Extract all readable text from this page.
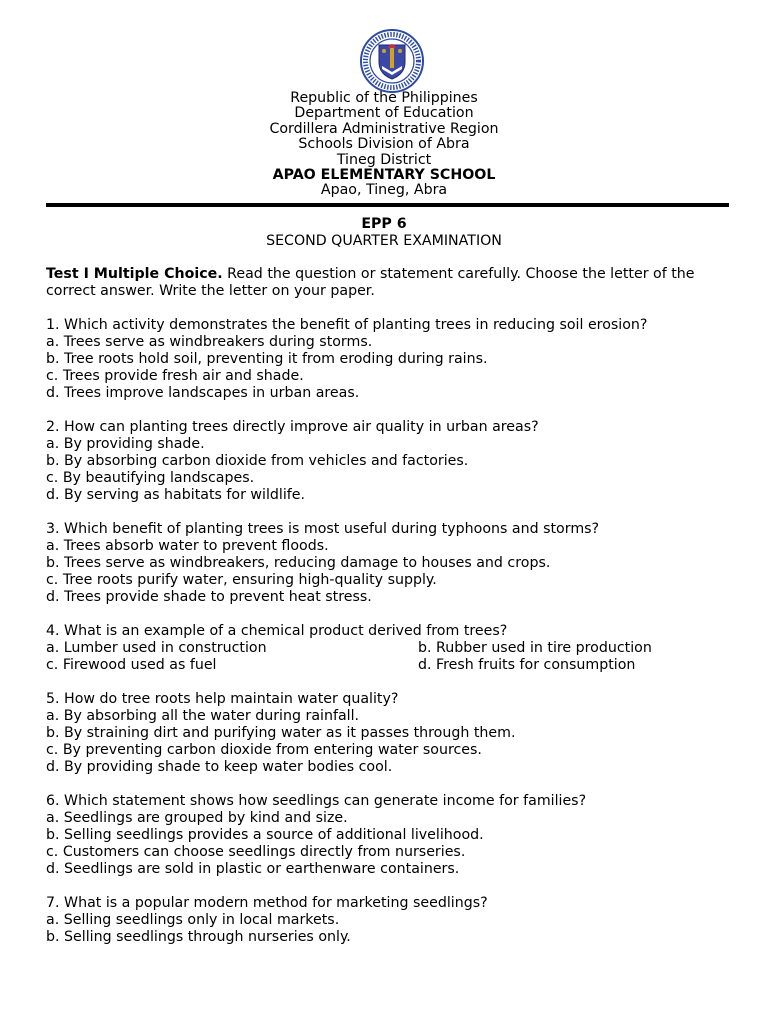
Republic of the Philippines
Department of Education
Cordillera Administrative Region
Schools Division of Abra
Tineg District
APAO ELEMENTARY SCHOOL
Apao, Tineg, Abra
EPP 6
SECOND QUARTER EXAMINATION

Test I Multiple Choice. Read the question or statement carefully. Choose the letter of the correct answer. Write the letter on your paper.

1. Which activity demonstrates the benefit of planting trees in reducing soil erosion?
a. Trees serve as windbreakers during storms.
b. Tree roots hold soil, preventing it from eroding during rains.
c. Trees provide fresh air and shade.
d. Trees improve landscapes in urban areas.
2. How can planting trees directly improve air quality in urban areas?
a. By providing shade.
b. By absorbing carbon dioxide from vehicles and factories.
c. By beautifying landscapes.
d. By serving as habitats for wildlife.
3. Which benefit of planting trees is most useful during typhoons and storms?
a. Trees absorb water to prevent floods.
b. Trees serve as windbreakers, reducing damage to houses and crops.
c. Tree roots purify water, ensuring high-quality supply.
d. Trees provide shade to prevent heat stress.
4. What is an example of a chemical product derived from trees?
a. Lumber used in construction	b. Rubber used in tire production
c. Firewood used as fuel	d. Fresh fruits for consumption
5. How do tree roots help maintain water quality?
a. By absorbing all the water during rainfall.
b. By straining dirt and purifying water as it passes through them.
c. By preventing carbon dioxide from entering water sources.
d. By providing shade to keep water bodies cool.
6. Which statement shows how seedlings can generate income for families?
a. Seedlings are grouped by kind and size.
b. Selling seedlings provides a source of additional livelihood.
c. Customers can choose seedlings directly from nurseries.
d. Seedlings are sold in plastic or earthenware containers.
7. What is a popular modern method for marketing seedlings?
a. Selling seedlings only in local markets.
b. Selling seedlings through nurseries only.
